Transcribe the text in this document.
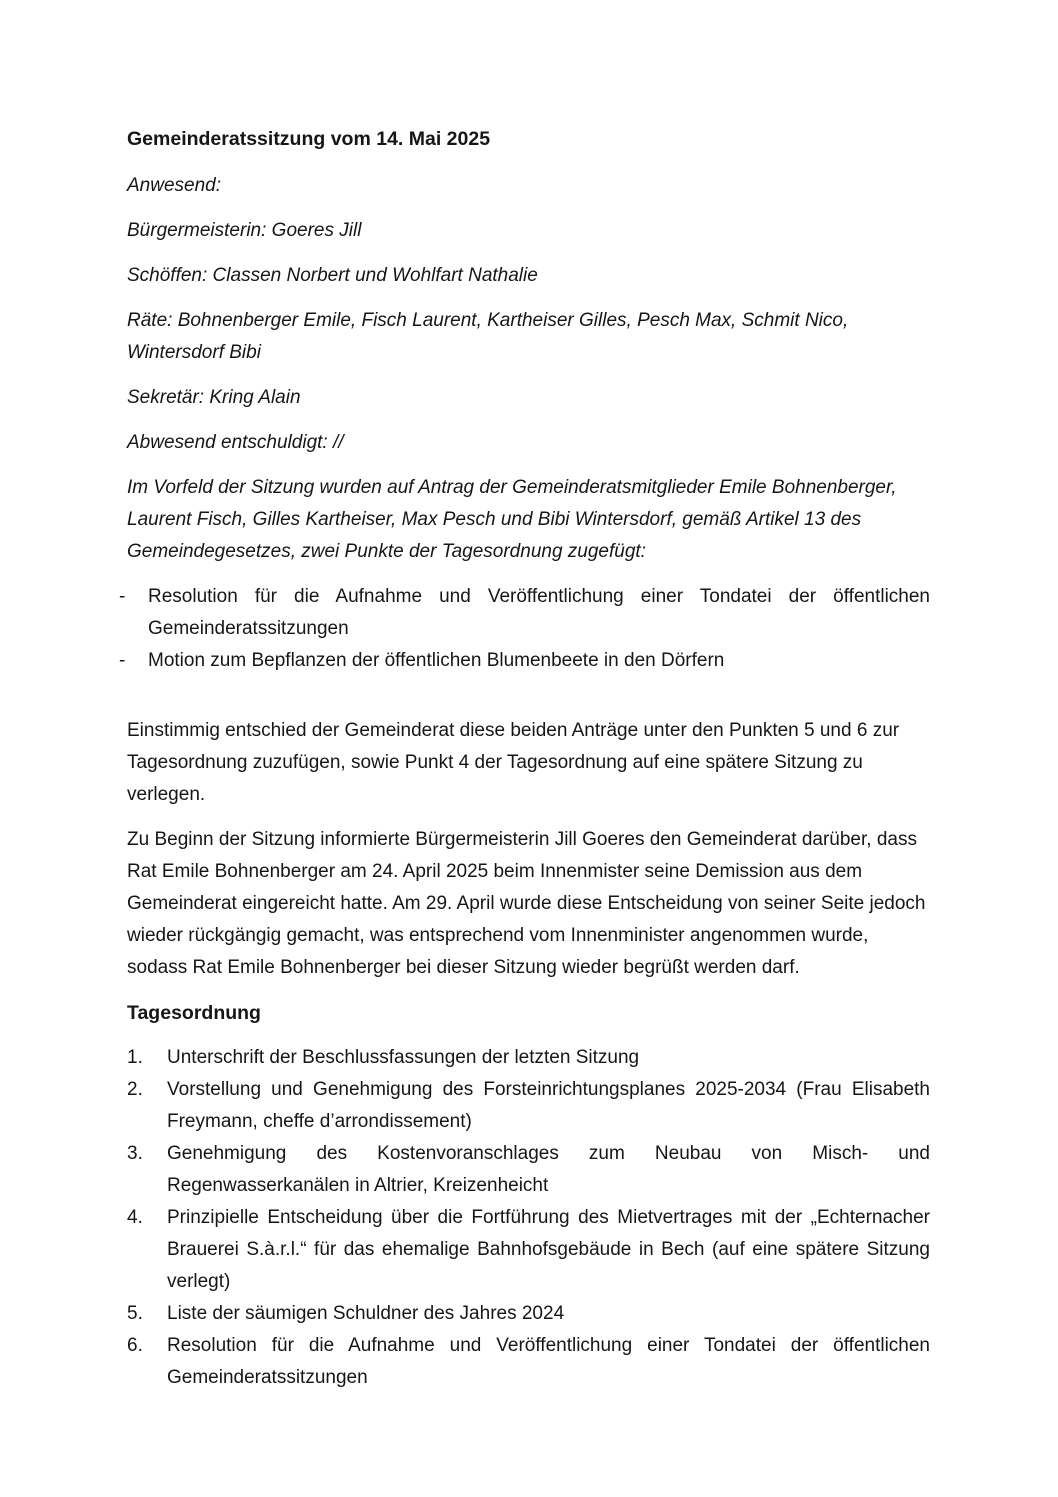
Gemeinderatssitzung vom 14. Mai 2025

Anwesend:

Bürgermeisterin: Goeres Jill

Schöffen: Classen Norbert und Wohlfart Nathalie

Räte: Bohnenberger Emile, Fisch Laurent, Kartheiser Gilles, Pesch Max, Schmit Nico, Wintersdorf Bibi

Sekretär: Kring Alain

Abwesend entschuldigt: //

Im Vorfeld der Sitzung wurden auf Antrag der Gemeinderatsmitglieder Emile Bohnenberger, Laurent Fisch, Gilles Kartheiser, Max Pesch und Bibi Wintersdorf, gemäß Artikel 13 des Gemeindegesetzes, zwei Punkte der Tagesordnung zugefügt:

- Resolution für die Aufnahme und Veröffentlichung einer Tondatei der öffentlichen Gemeinderatssitzungen
- Motion zum Bepflanzen der öffentlichen Blumenbeete in den Dörfern

Einstimmig entschied der Gemeinderat diese beiden Anträge unter den Punkten 5 und 6 zur Tagesordnung zuzufügen, sowie Punkt 4 der Tagesordnung auf eine spätere Sitzung zu verlegen.

Zu Beginn der Sitzung informierte Bürgermeisterin Jill Goeres den Gemeinderat darüber, dass Rat Emile Bohnenberger am 24. April 2025 beim Innenmister seine Demission aus dem Gemeinderat eingereicht hatte. Am 29. April wurde diese Entscheidung von seiner Seite jedoch wieder rückgängig gemacht, was entsprechend vom Innenminister angenommen wurde, sodass Rat Emile Bohnenberger bei dieser Sitzung wieder begrüßt werden darf.

Tagesordnung
1.	Unterschrift der Beschlussfassungen der letzten Sitzung
2.	Vorstellung und Genehmigung des Forsteinrichtungsplanes 2025-2034 (Frau Elisabeth Freymann, cheffe d’arrondissement)
3.	Genehmigung des Kostenvoranschlages zum Neubau von Misch- und Regenwasserkanälen in Altrier, Kreizenheicht
4.	Prinzipielle Entscheidung über die Fortführung des Mietvertrages mit der „Echternacher Brauerei S.à.r.l.“ für das ehemalige Bahnhofsgebäude in Bech (auf eine spätere Sitzung verlegt)
5.	Liste der säumigen Schuldner des Jahres 2024
6.	Resolution für die Aufnahme und Veröffentlichung einer Tondatei der öffentlichen Gemeinderatssitzungen
